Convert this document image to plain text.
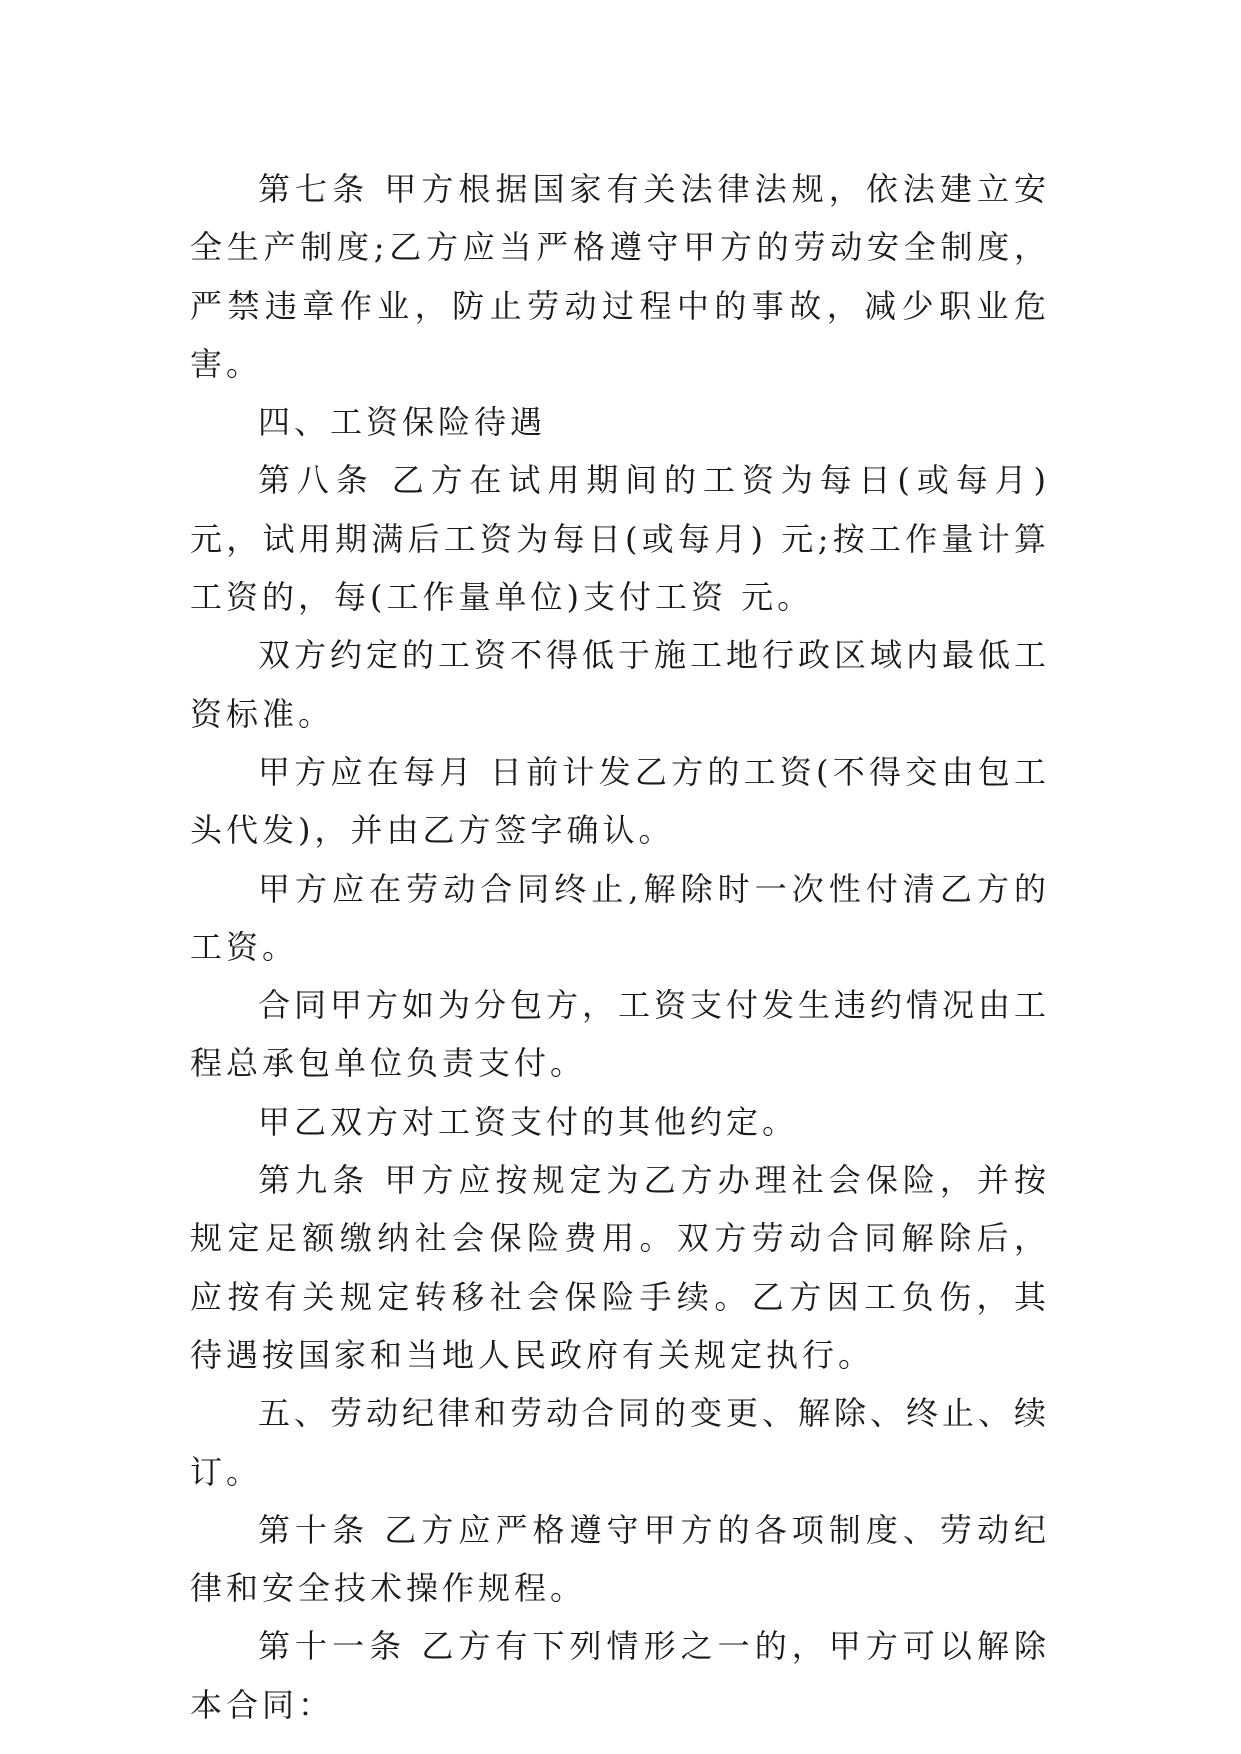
第七条 甲方根据国家有关法律法规，依法建立安全生产制度;乙方应当严格遵守甲方的劳动安全制度，严禁违章作业，防止劳动过程中的事故，减少职业危害。

四、工资保险待遇

第八条 乙方在试用期间的工资为每日(或每月) 元，试用期满后工资为每日(或每月) 元;按工作量计算工资的，每(工作量单位)支付工资 元。

双方约定的工资不得低于施工地行政区域内最低工资标准。

甲方应在每月 日前计发乙方的工资(不得交由包工头代发)，并由乙方签字确认。

甲方应在劳动合同终止,解除时一次性付清乙方的工资。

合同甲方如为分包方，工资支付发生违约情况由工程总承包单位负责支付。

甲乙双方对工资支付的其他约定。

第九条 甲方应按规定为乙方办理社会保险，并按规定足额缴纳社会保险费用。双方劳动合同解除后，应按有关规定转移社会保险手续。乙方因工负伤，其待遇按国家和当地人民政府有关规定执行。

五、劳动纪律和劳动合同的变更、解除、终止、续订。

第十条 乙方应严格遵守甲方的各项制度、劳动纪律和安全技术操作规程。

第十一条 乙方有下列情形之一的，甲方可以解除本合同：
